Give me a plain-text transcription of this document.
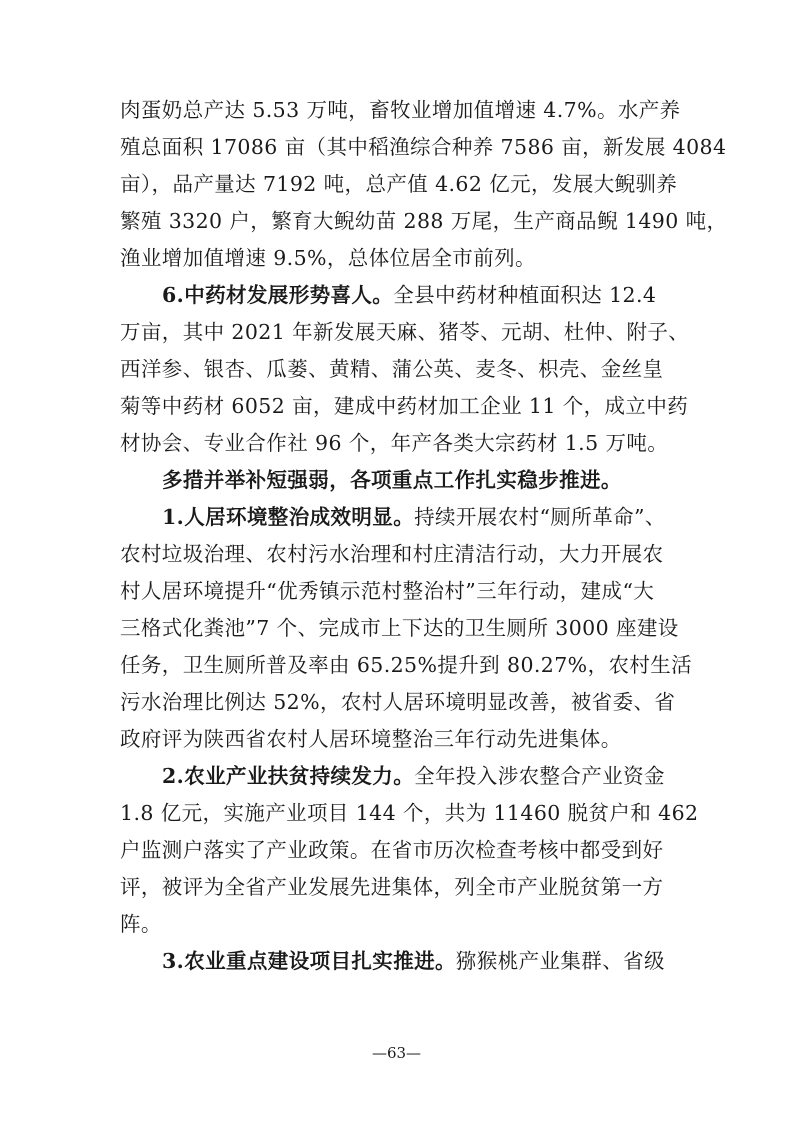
肉蛋奶总产达 5.53 万吨，畜牧业增加值增速 4.7%。水产养
殖总面积 17086 亩（其中稻渔综合种养 7586 亩，新发展 4084
亩），品产量达 7192 吨，总产值 4.62 亿元，发展大鲵驯养
繁殖 3320 户，繁育大鲵幼苗 288 万尾，生产商品鲵 1490 吨，
渔业增加值增速 9.5%，总体位居全市前列。
6.中药材发展形势喜人。全县中药材种植面积达 12.4
万亩，其中 2021 年新发展天麻、猪苓、元胡、杜仲、附子、
西洋参、银杏、瓜蒌、黄精、蒲公英、麦冬、枳壳、金丝皇
菊等中药材 6052 亩，建成中药材加工企业 11 个，成立中药
材协会、专业合作社 96 个，年产各类大宗药材 1.5 万吨。
多措并举补短强弱，各项重点工作扎实稳步推进。
1.人居环境整治成效明显。持续开展农村“厕所革命”、
农村垃圾治理、农村污水治理和村庄清洁行动，大力开展农
村人居环境提升“优秀镇示范村整治村”三年行动，建成“大
三格式化粪池”7 个、完成市上下达的卫生厕所 3000 座建设
任务，卫生厕所普及率由 65.25%提升到 80.27%，农村生活
污水治理比例达 52%，农村人居环境明显改善，被省委、省
政府评为陕西省农村人居环境整治三年行动先进集体。
2.农业产业扶贫持续发力。全年投入涉农整合产业资金
1.8 亿元，实施产业项目 144 个，共为 11460 脱贫户和 462
户监测户落实了产业政策。在省市历次检查考核中都受到好
评，被评为全省产业发展先进集体，列全市产业脱贫第一方
阵。
3.农业重点建设项目扎实推进。猕猴桃产业集群、省级
—63—
